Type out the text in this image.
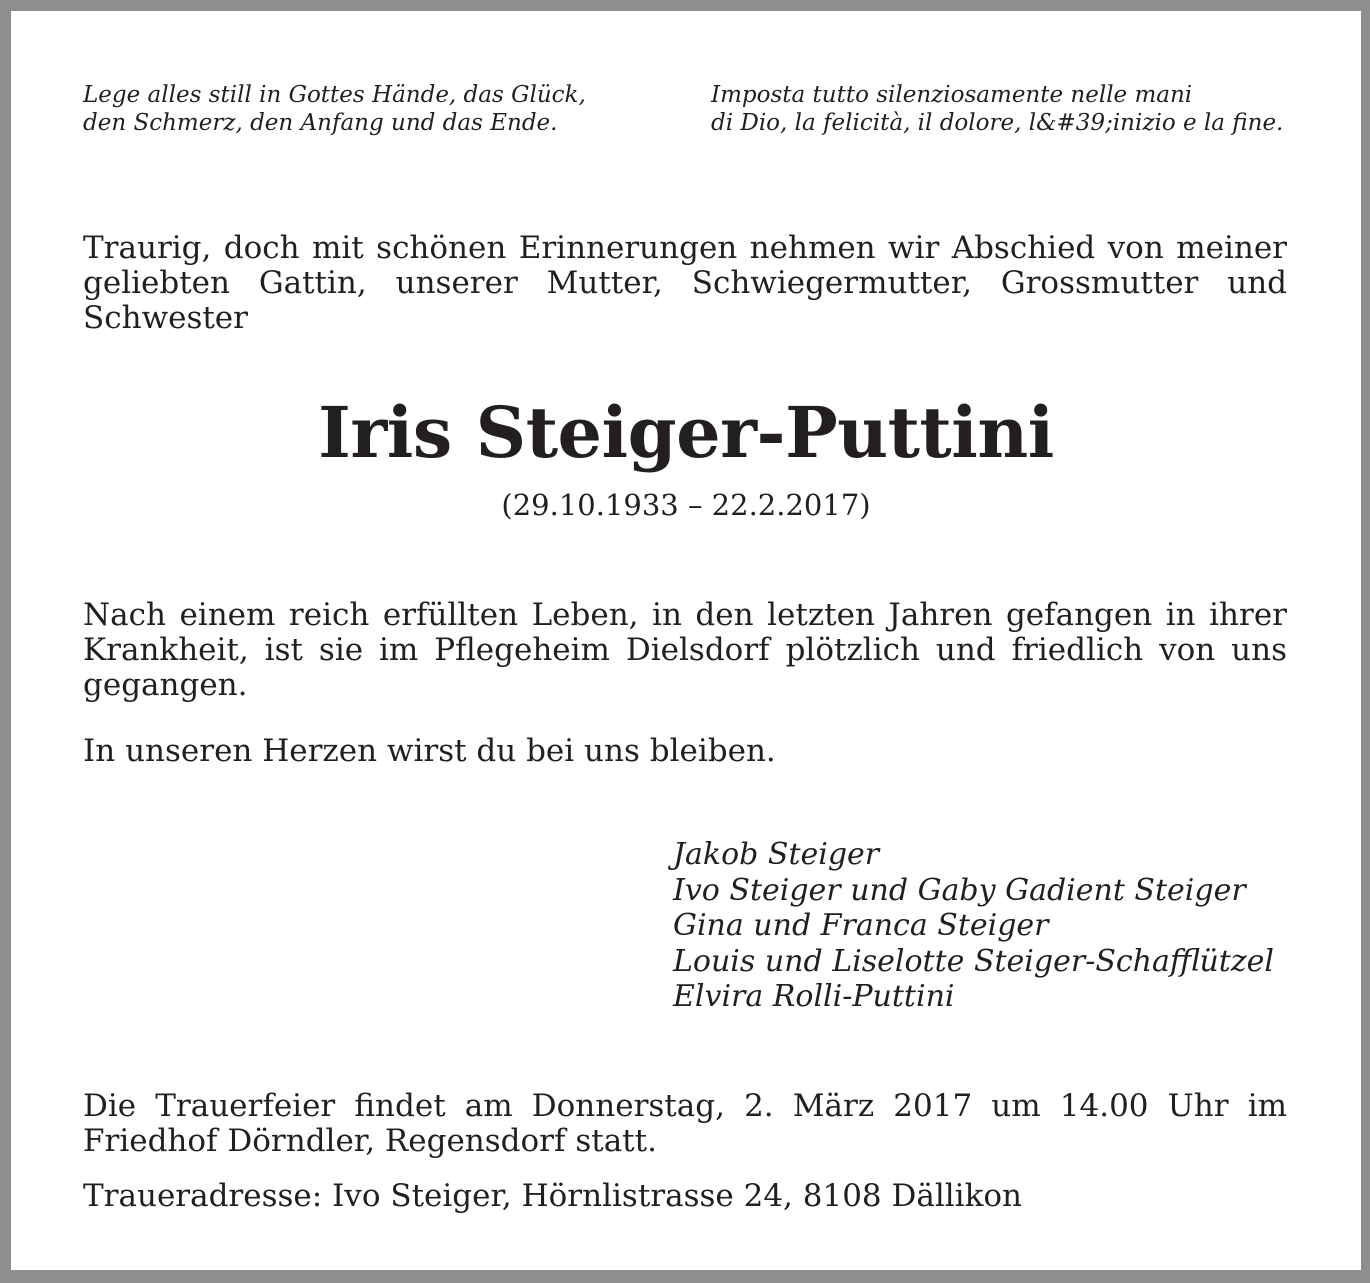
Lege alles still in Gottes Hände, das Glück,
den Schmerz, den Anfang und das Ende.
Imposta tutto silenziosamente nelle mani
di Dio, la felicità, il dolore, l&#39;inizio e la fine.

Traurig, doch mit schönen Erinnerungen nehmen wir Abschied von meiner geliebten Gattin, unserer Mutter, Schwiegermutter, Grossmutter und Schwester

Iris Steiger-Puttini
(29.10.1933 – 22.2.2017)

Nach einem reich erfüllten Leben, in den letzten Jahren gefangen in ihrer Krankheit, ist sie im Pflegeheim Dielsdorf plötzlich und friedlich von uns gegangen.

In unseren Herzen wirst du bei uns bleiben.

Jakob Steiger
Ivo Steiger und Gaby Gadient Steiger
Gina und Franca Steiger
Louis und Liselotte Steiger-Schafflützel
Elvira Rolli-Puttini

Die Trauerfeier findet am Donnerstag, 2. März 2017 um 14.00 Uhr im Friedhof Dörndler, Regensdorf statt.

Traueradresse: Ivo Steiger, Hörnlistrasse 24, 8108 Dällikon
